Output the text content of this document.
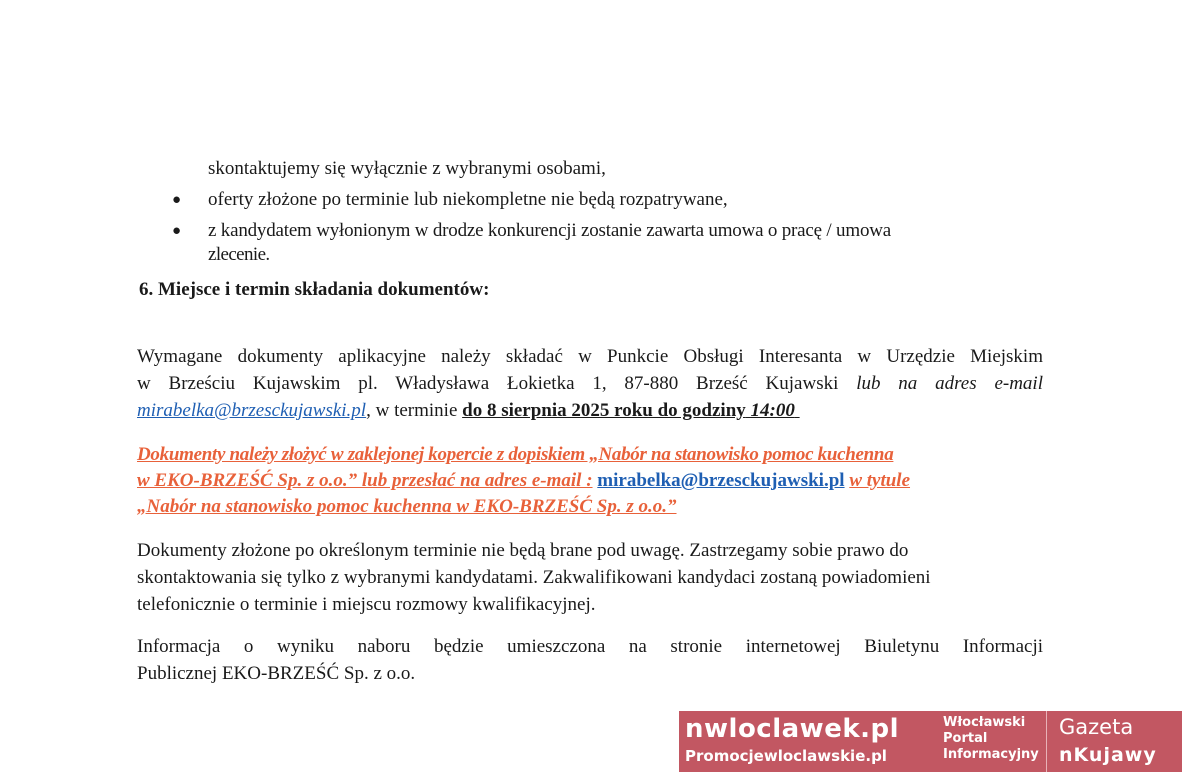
skontaktujemy się wyłącznie z wybranymi osobami,
● oferty złożone po terminie lub niekompletne nie będą rozpatrywane,
● z kandydatem wyłonionym w drodze konkurencji zostanie zawarta umowa o pracę / umowa
zlecenie.
6. Miejsce i termin składania dokumentów:
Wymagane dokumenty aplikacyjne należy składać w Punkcie Obsługi Interesanta w Urzędzie Miejskim
w Brześciu Kujawskim pl. Władysława Łokietka 1, 87-880 Brześć Kujawski lub na adres e-mail
mirabelka@brzesckujawski.pl, w terminie do 8 sierpnia 2025 roku do godziny 14:00
Dokumenty należy złożyć w zaklejonej kopercie z dopiskiem „Nabór na stanowisko pomoc kuchenna
w EKO-BRZEŚĆ Sp. z o.o.” lub przesłać na adres e-mail : mirabelka@brzesckujawski.pl w tytule
„Nabór na stanowisko pomoc kuchenna w EKO-BRZEŚĆ Sp. z o.o.”
Dokumenty złożone po określonym terminie nie będą brane pod uwagę. Zastrzegamy sobie prawo do
skontaktowania się tylko z wybranymi kandydatami. Zakwalifikowani kandydaci zostaną powiadomieni
telefonicznie o terminie i miejscu rozmowy kwalifikacyjnej.
Informacja o wyniku naboru będzie umieszczona na stronie internetowej Biuletynu Informacji
Publicznej EKO-BRZEŚĆ Sp. z o.o.
nwloclawek.pl
Promocjewloclawskie.pl
Włocławski
Portal
Informacyjny
Gazeta
nKujawy
